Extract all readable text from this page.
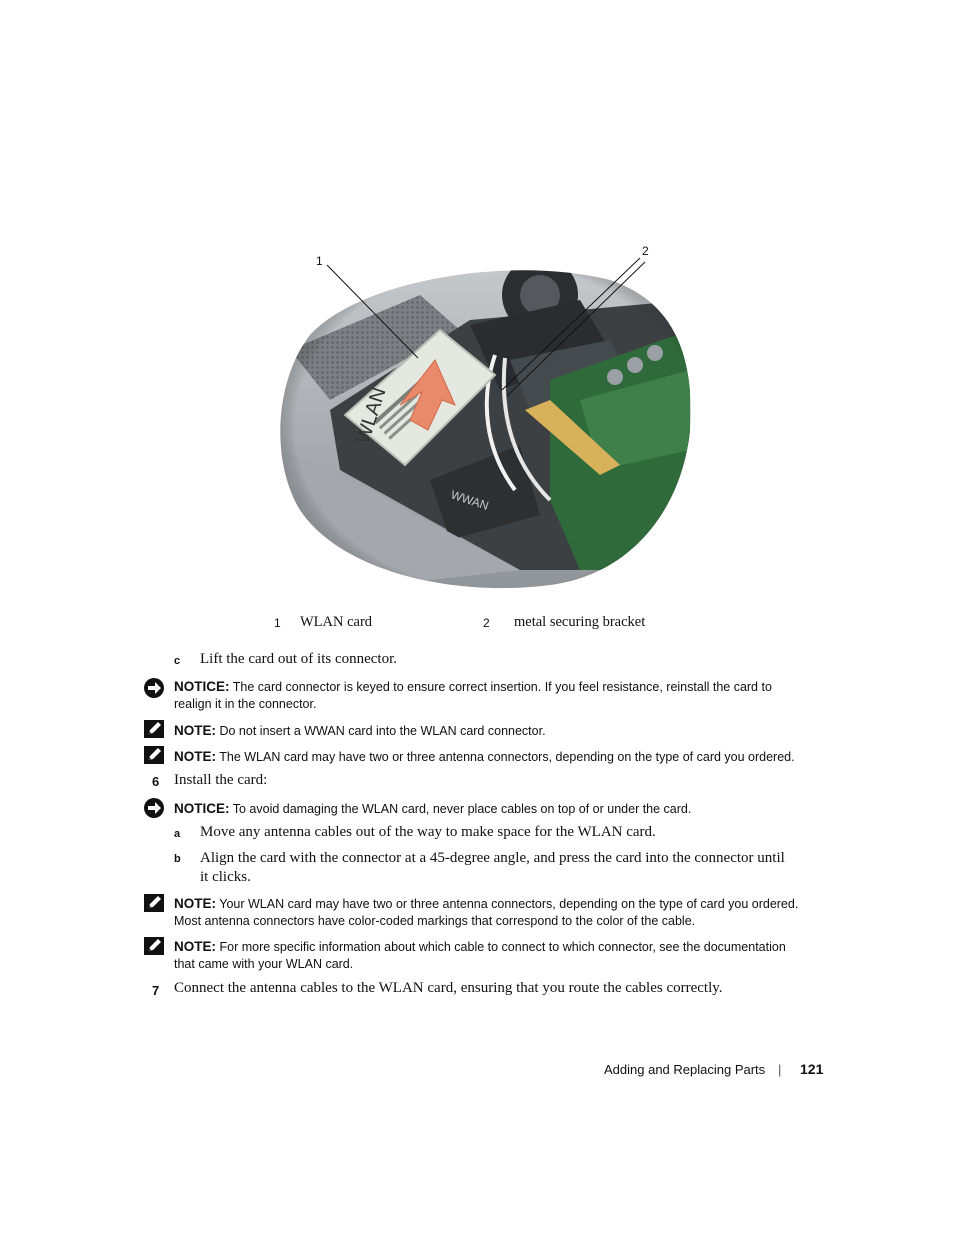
1
2
1 WLAN card	2 metal securing bracket
c Lift the card out of its connector.
NOTICE: The card connector is keyed to ensure correct insertion. If you feel resistance, reinstall the card to
realign it in the connector.
NOTE: Do not insert a WWAN card into the WLAN card connector.
NOTE: The WLAN card may have two or three antenna connectors, depending on the type of card you ordered.
6 Install the card:
NOTICE: To avoid damaging the WLAN card, never place cables on top of or under the card.
a Move any antenna cables out of the way to make space for the WLAN card.
b Align the card with the connector at a 45-degree angle, and press the card into the connector until
it clicks.
NOTE: Your WLAN card may have two or three antenna connectors, depending on the type of card you ordered.
Most antenna connectors have color-coded markings that correspond to the color of the cable.
NOTE: For more specific information about which cable to connect to which connector, see the documentation
that came with your WLAN card.
7 Connect the antenna cables to the WLAN card, ensuring that you route the cables correctly.
Adding and Replacing Parts | 121
